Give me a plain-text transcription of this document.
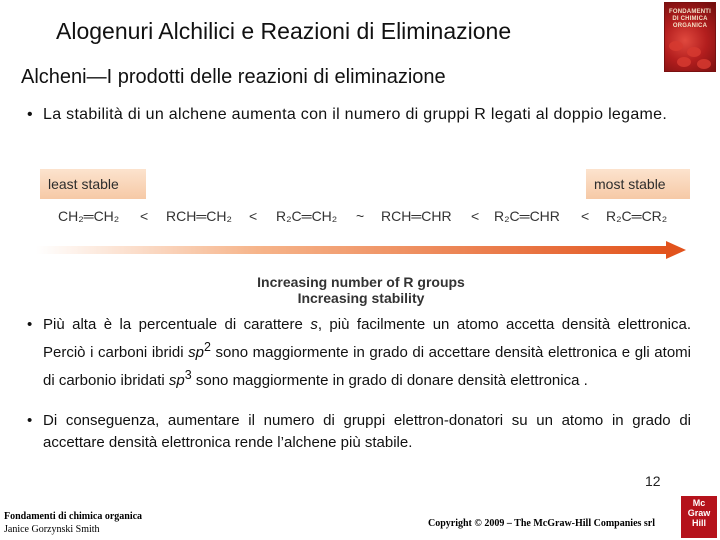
Alogenuri Alchilici e Reazioni di Eliminazione
FONDAMENTI
DI CHIMICA
ORGANICA
Alcheni—I prodotti delle reazioni di eliminazione
• La stabilità di un alchene aumenta con il numero di gruppi R legati al doppio legame.
least stable	most stable
CH₂═CH₂ < RCH═CH₂ < R₂C═CH₂ ~ RCH═CHR < R₂C═CHR < R₂C═CR₂
Increasing number of R groups
Increasing stability
• Più alta è la percentuale di carattere s, più facilmente un atomo accetta densità elettronica. Perciò i carboni ibridi $sp^2$ sono maggiormente in grado di accettare densità elettronica e gli atomi di carbonio ibridati $sp^3$ sono maggiormente in grado di donare densità elettronica .
• Di conseguenza, aumentare il numero di gruppi elettron-donatori su un atomo in grado di accettare densità elettronica rende l’alchene più stabile.
Fondamenti di chimica organica
Janice Gorzynski Smith
12
Copyright © 2009 – The McGraw-Hill Companies srl
Mc
Graw
Hill
